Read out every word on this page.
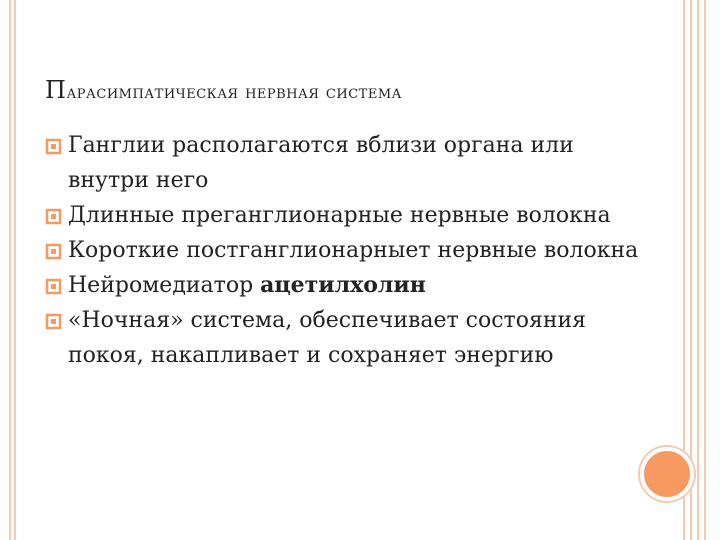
Парасимпатическая нервная система
Ганглии располагаются вблизи органа или внутри него
Длинные преганглионарные нервные волокна
Короткие постганглионарныет нервные волокна
Нейромедиатор ацетилхолин
«Ночная» система, обеспечивает состояния покоя, накапливает и сохраняет энергию
